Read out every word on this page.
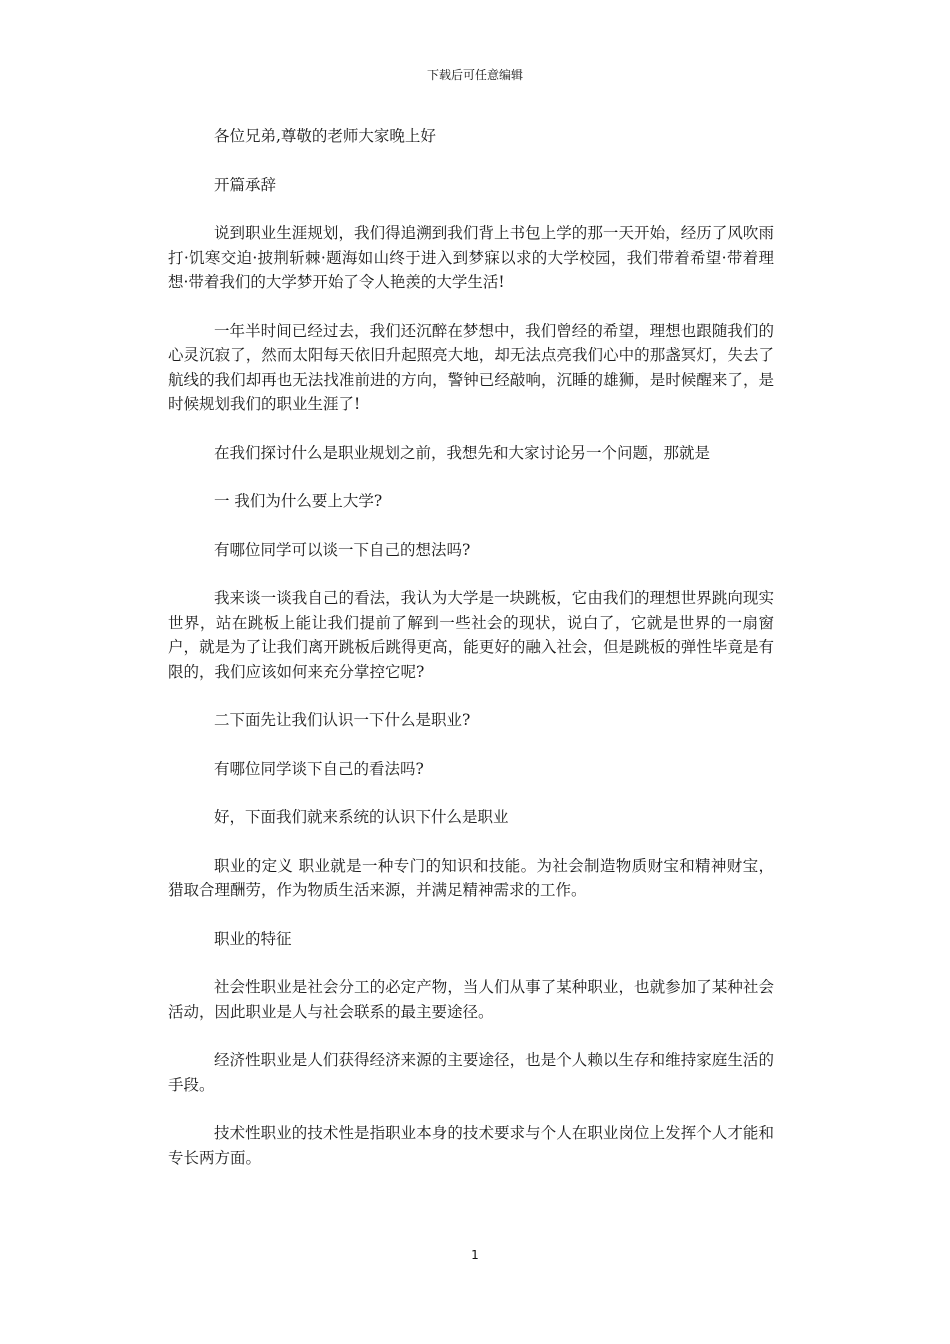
下载后可任意编辑

各位兄弟,尊敬的老师大家晚上好

开篇承辞

说到职业生涯规划，我们得追溯到我们背上书包上学的那一天开始，经历了风吹雨打·饥寒交迫·披荆斩棘·题海如山终于进入到梦寐以求的大学校园，我们带着希望·带着理想·带着我们的大学梦开始了令人艳羡的大学生活!

一年半时间已经过去，我们还沉醉在梦想中，我们曾经的希望，理想也跟随我们的心灵沉寂了，然而太阳每天依旧升起照亮大地，却无法点亮我们心中的那盏冥灯，失去了航线的我们却再也无法找准前进的方向，警钟已经敲响，沉睡的雄狮，是时候醒来了，是时候规划我们的职业生涯了!

在我们探讨什么是职业规划之前，我想先和大家讨论另一个问题，那就是

一 我们为什么要上大学?

有哪位同学可以谈一下自己的想法吗?

我来谈一谈我自己的看法，我认为大学是一块跳板，它由我们的理想世界跳向现实世界，站在跳板上能让我们提前了解到一些社会的现状，说白了，它就是世界的一扇窗户，就是为了让我们离开跳板后跳得更高，能更好的融入社会，但是跳板的弹性毕竟是有限的，我们应该如何来充分掌控它呢?

二下面先让我们认识一下什么是职业?

有哪位同学谈下自己的看法吗?

好，下面我们就来系统的认识下什么是职业

职业的定义 职业就是一种专门的知识和技能。为社会制造物质财宝和精神财宝，猎取合理酬劳，作为物质生活来源，并满足精神需求的工作。

职业的特征

社会性职业是社会分工的必定产物，当人们从事了某种职业，也就参加了某种社会活动，因此职业是人与社会联系的最主要途径。

经济性职业是人们获得经济来源的主要途径，也是个人赖以生存和维持家庭生活的手段。

技术性职业的技术性是指职业本身的技术要求与个人在职业岗位上发挥个人才能和专长两方面。

1
